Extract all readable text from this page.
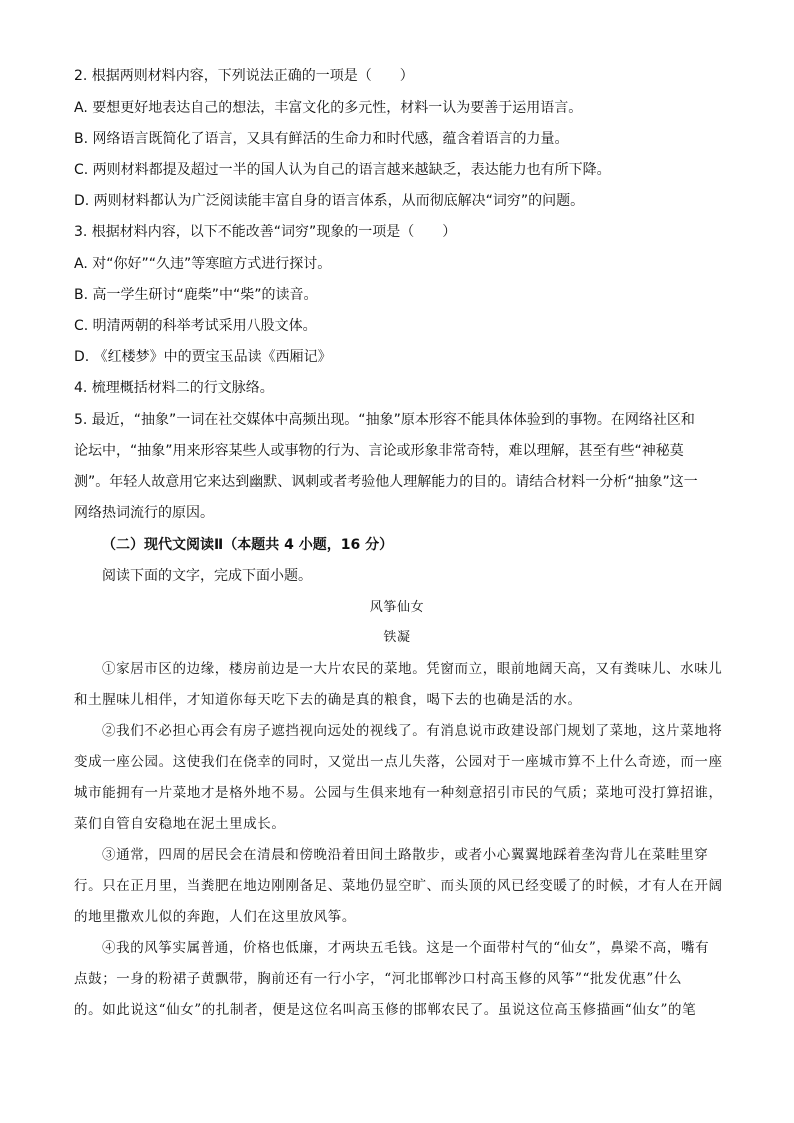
2. 根据两则材料内容，下列说法正确的一项是（　　）
A. 要想更好地表达自己的想法，丰富文化的多元性，材料一认为要善于运用语言。
B. 网络语言既简化了语言，又具有鲜活的生命力和时代感，蕴含着语言的力量。
C. 两则材料都提及超过一半的国人认为自己的语言越来越缺乏，表达能力也有所下降。
D. 两则材料都认为广泛阅读能丰富自身的语言体系，从而彻底解决“词穷”的问题。
3. 根据材料内容，以下不能改善“词穷”现象的一项是（　　）
A. 对“你好”“久违”等寒暄方式进行探讨。
B. 高一学生研讨“鹿柴”中“柴”的读音。
C. 明清两朝的科举考试采用八股文体。
D. 《红楼梦》中的贾宝玉品读《西厢记》
4. 梳理概括材料二的行文脉络。
5. 最近，“抽象”一词在社交媒体中高频出现。“抽象”原本形容不能具体体验到的事物。在网络社区和
论坛中，“抽象”用来形容某些人或事物的行为、言论或形象非常奇特，难以理解，甚至有些“神秘莫
测”。年轻人故意用它来达到幽默、讽刺或者考验他人理解能力的目的。请结合材料一分析“抽象”这一
网络热词流行的原因。
（二）现代文阅读Ⅱ（本题共 4 小题，16 分）
阅读下面的文字，完成下面小题。
风筝仙女
铁凝
①家居市区的边缘，楼房前边是一大片农民的菜地。凭窗而立，眼前地阔天高，又有粪味儿、水味儿
和土腥味儿相伴，才知道你每天吃下去的确是真的粮食，喝下去的也确是活的水。
②我们不必担心再会有房子遮挡视向远处的视线了。有消息说市政建设部门规划了菜地，这片菜地将
变成一座公园。这使我们在侥幸的同时，又觉出一点儿失落，公园对于一座城市算不上什么奇迹，而一座
城市能拥有一片菜地才是格外地不易。公园与生俱来地有一种刻意招引市民的气质；菜地可没打算招谁，
菜们自管自安稳地在泥土里成长。
③通常，四周的居民会在清晨和傍晚沿着田间土路散步，或者小心翼翼地踩着垄沟背儿在菜畦里穿
行。只在正月里，当粪肥在地边刚刚备足、菜地仍显空旷、而头顶的风已经变暖了的时候，才有人在开阔
的地里撒欢儿似的奔跑，人们在这里放风筝。
④我的风筝实属普通，价格也低廉，才两块五毛钱。这是一个面带村气的“仙女”，鼻梁不高，嘴有
点鼓；一身的粉裙子黄飘带，胸前还有一行小字，“河北邯郸沙口村高玉修的风筝”“批发优惠”什么
的。如此说这“仙女”的扎制者，便是这位名叫高玉修的邯郸农民了。虽说这位高玉修描画“仙女”的笔
